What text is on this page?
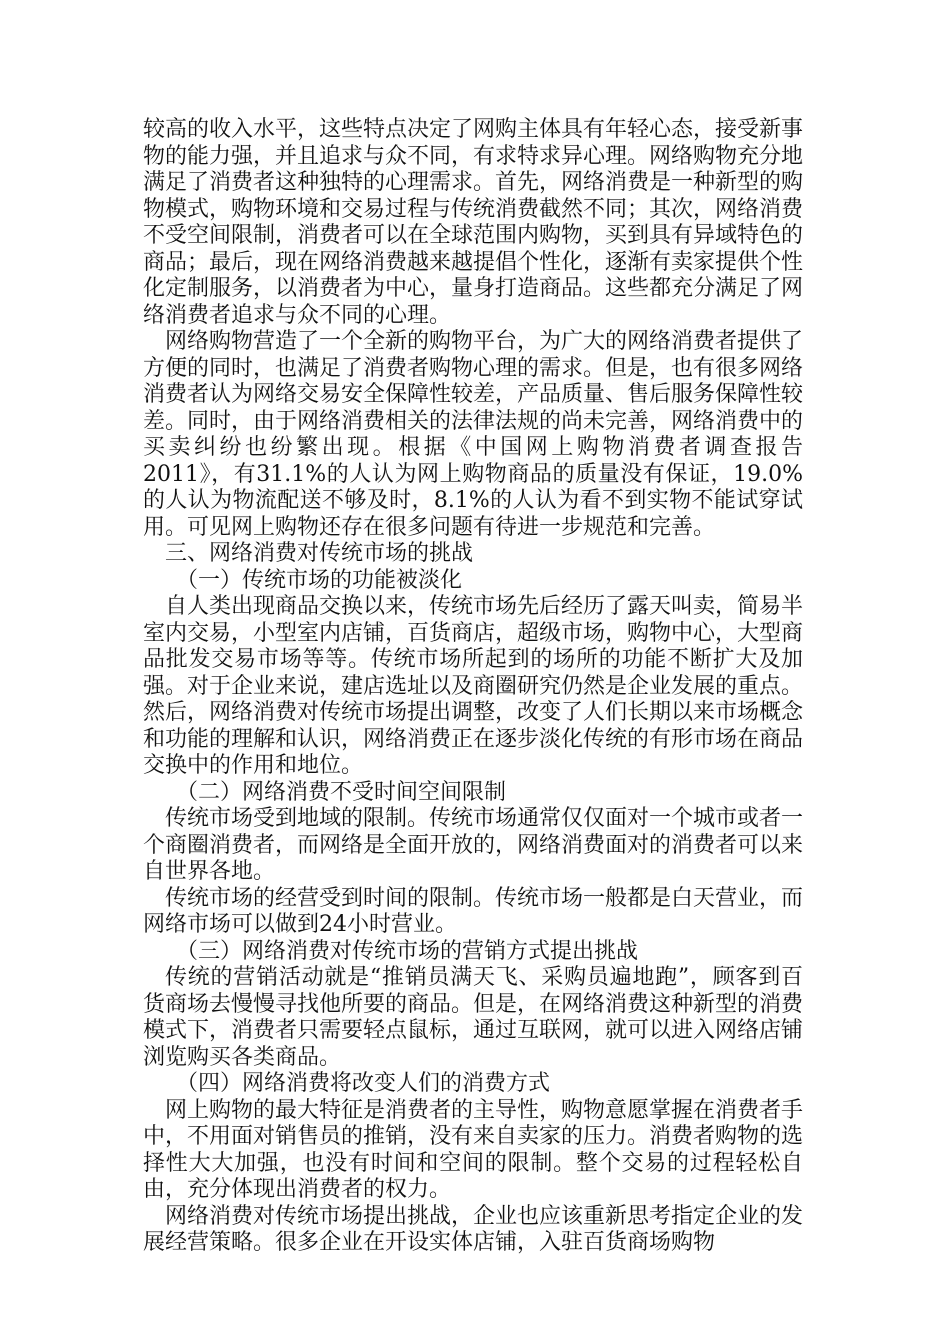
较高的收入水平，这些特点决定了网购主体具有年轻心态，接受新事物的能力强，并且追求与众不同，有求特求异心理。网络购物充分地满足了消费者这种独特的心理需求。首先，网络消费是一种新型的购物模式，购物环境和交易过程与传统消费截然不同；其次，网络消费不受空间限制，消费者可以在全球范围内购物，买到具有异域特色的商品；最后，现在网络消费越来越提倡个性化，逐渐有卖家提供个性化定制服务，以消费者为中心，量身打造商品。这些都充分满足了网络消费者追求与众不同的心理。

网络购物营造了一个全新的购物平台，为广大的网络消费者提供了方便的同时，也满足了消费者购物心理的需求。但是，也有很多网络消费者认为网络交易安全保障性较差，产品质量、售后服务保障性较差。同时，由于网络消费相关的法律法规的尚未完善，网络消费中的买卖纠纷也纷繁出现。根据《中国网上购物消费者调查报告2011》，有31.1%的人认为网上购物商品的质量没有保证，19.0%的人认为物流配送不够及时，8.1%的人认为看不到实物不能试穿试用。可见网上购物还存在很多问题有待进一步规范和完善。

三、网络消费对传统市场的挑战

（一）传统市场的功能被淡化

自人类出现商品交换以来，传统市场先后经历了露天叫卖，简易半室内交易，小型室内店铺，百货商店，超级市场，购物中心，大型商品批发交易市场等等。传统市场所起到的场所的功能不断扩大及加强。对于企业来说，建店选址以及商圈研究仍然是企业发展的重点。然后，网络消费对传统市场提出调整，改变了人们长期以来市场概念和功能的理解和认识，网络消费正在逐步淡化传统的有形市场在商品交换中的作用和地位。

（二）网络消费不受时间空间限制

传统市场受到地域的限制。传统市场通常仅仅面对一个城市或者一个商圈消费者，而网络是全面开放的，网络消费面对的消费者可以来自世界各地。

传统市场的经营受到时间的限制。传统市场一般都是白天营业，而网络市场可以做到24小时营业。

（三）网络消费对传统市场的营销方式提出挑战

传统的营销活动就是“推销员满天飞、采购员遍地跑”，顾客到百货商场去慢慢寻找他所要的商品。但是，在网络消费这种新型的消费模式下，消费者只需要轻点鼠标，通过互联网，就可以进入网络店铺浏览购买各类商品。

（四）网络消费将改变人们的消费方式

网上购物的最大特征是消费者的主导性，购物意愿掌握在消费者手中，不用面对销售员的推销，没有来自卖家的压力。消费者购物的选择性大大加强，也没有时间和空间的限制。整个交易的过程轻松自由，充分体现出消费者的权力。

网络消费对传统市场提出挑战，企业也应该重新思考指定企业的发展经营策略。很多企业在开设实体店铺，入驻百货商场购物
